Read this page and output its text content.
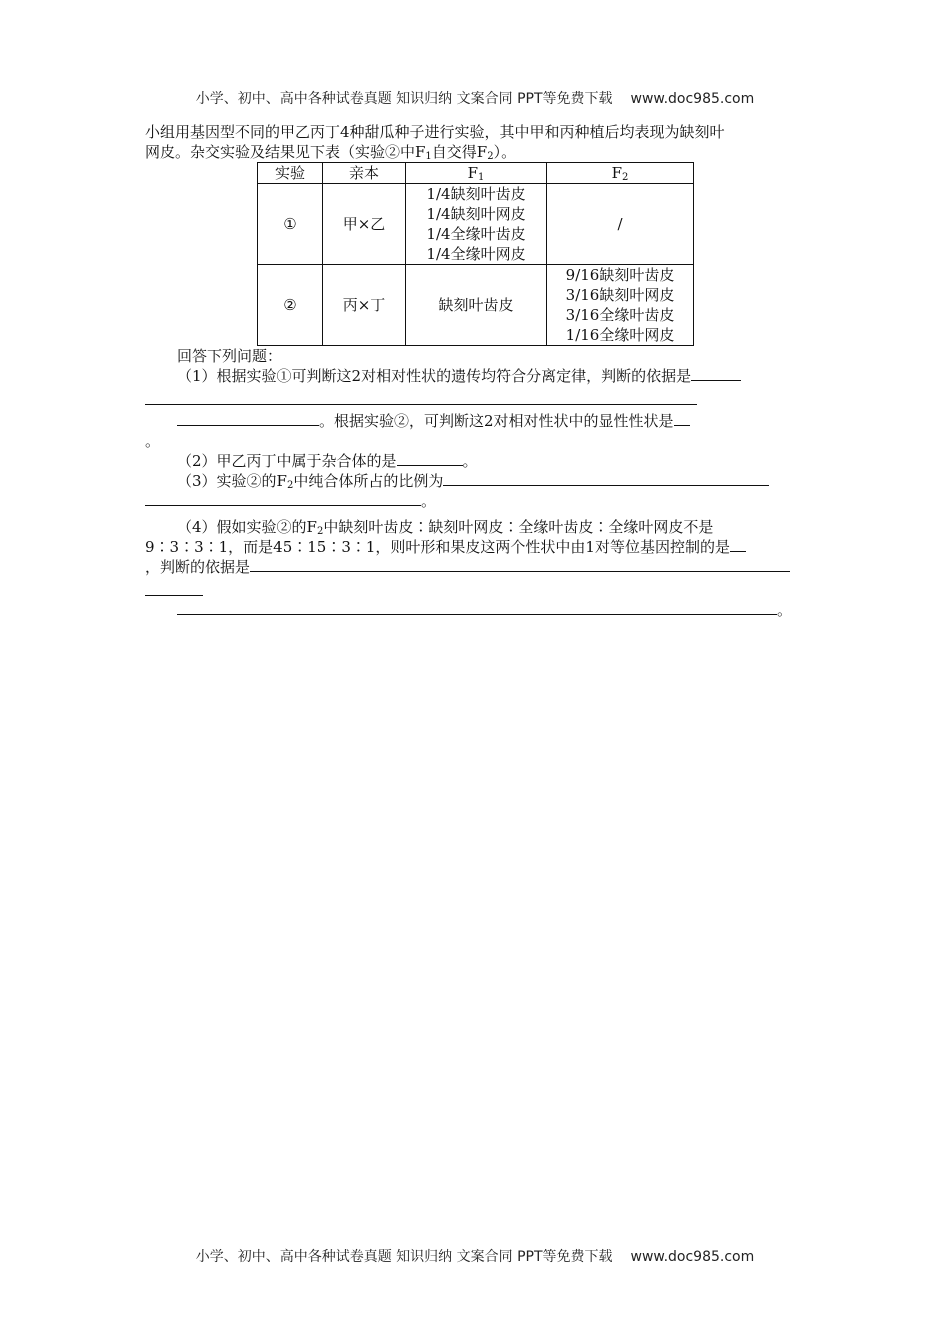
小学、初中、高中各种试卷真题 知识归纳 文案合同 PPT等免费下载 www.doc985.com

小组用基因型不同的甲乙丙丁4种甜瓜种子进行实验，其中甲和丙种植后均表现为缺刻叶
网皮。杂交实验及结果见下表（实验②中$F_1$自交得$F_2$）。

实验	亲本	$F_1$	$F_2$
①	甲×乙	1/4缺刻叶齿皮
1/4缺刻叶网皮
1/4全缘叶齿皮
1/4全缘叶网皮	/
②	丙×丁	缺刻叶齿皮	9/16缺刻叶齿皮
3/16缺刻叶网皮
3/16全缘叶齿皮
1/16全缘叶网皮

回答下列问题：

（1）根据实验①可判断这2对相对性状的遗传均符合分离定律，判断的依据是

。根据实验②，可判断这2对相对性状中的显性性状是

。

（2）甲乙丙丁中属于杂合体的是	。

（3）实验②的$F_2$中纯合体所占的比例为

。

（4）假如实验②的$F_2$中缺刻叶齿皮∶缺刻叶网皮∶全缘叶齿皮∶全缘叶网皮不是

9∶3∶3∶1，而是45∶15∶3∶1，则叶形和果皮这两个性状中由1对等位基因控制的是

，判断的依据是

。

小学、初中、高中各种试卷真题 知识归纳 文案合同 PPT等免费下载 www.doc985.com
